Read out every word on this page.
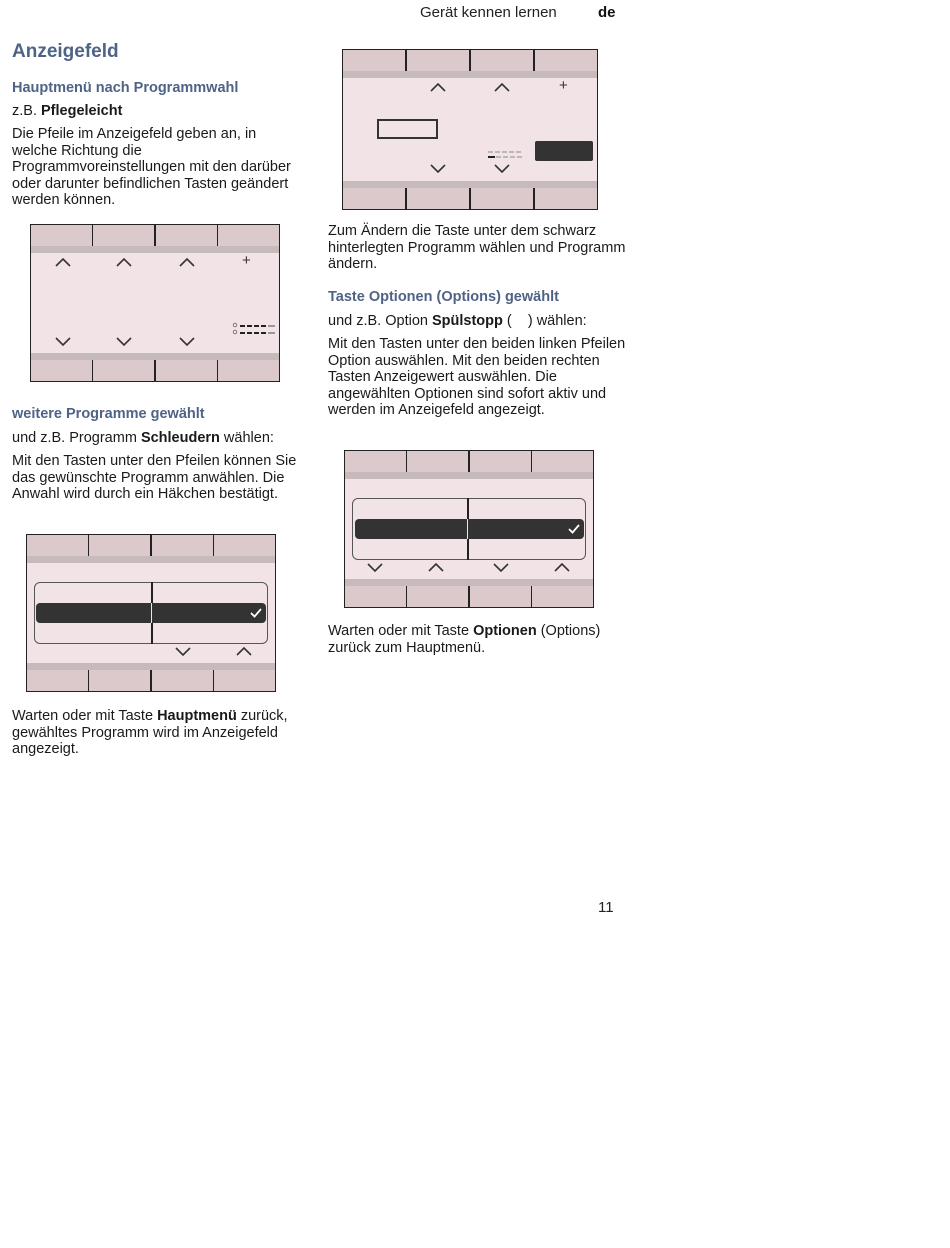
Gerät kennen lernen	de
Anzeigefeld
Hauptmenü nach Programmwahl
z.B. Pflegeleicht
Die Pfeile im Anzeigefeld geben an, in welche Richtung die Programmvoreinstellungen mit den darüber oder darunter befindlichen Tasten geändert werden können.
+
weitere Programme gewählt
und z.B. Programm Schleudern wählen:
Mit den Tasten unter den Pfeilen können Sie das gewünschte Programm anwählen. Die Anwahl wird durch ein Häkchen bestätigt.
Warten oder mit Taste Hauptmenü zurück, gewähltes Programm wird im Anzeigefeld angezeigt.
+
Zum Ändern die Taste unter dem schwarz hinterlegten Programm wählen und Programm ändern.
Taste Optionen (Options) gewählt
und z.B. Option Spülstopp (    ) wählen:
Mit den Tasten unter den beiden linken Pfeilen Option auswählen. Mit den beiden rechten Tasten Anzeigewert auswählen. Die angewählten Optionen sind sofort aktiv und werden im Anzeigefeld angezeigt.
Warten oder mit Taste Optionen (Options) zurück zum Hauptmenü.
11
